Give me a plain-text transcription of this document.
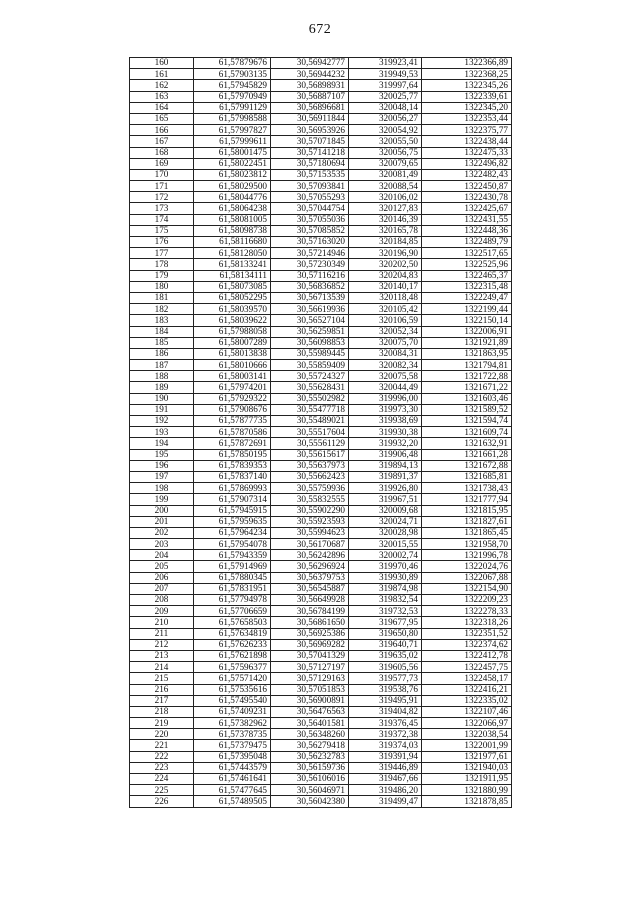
672
160	61,57879676	30,56942777	319923,41	1322366,89
161	61,57903135	30,56944232	319949,53	1322368,25
162	61,57945829	30,56898931	319997,64	1322345,26
163	61,57970949	30,56887107	320025,77	1322339,61
164	61,57991129	30,56896681	320048,14	1322345,20
165	61,57998588	30,56911844	320056,27	1322353,44
166	61,57997827	30,56953926	320054,92	1322375,77
167	61,57999611	30,57071845	320055,50	1322438,44
168	61,58001475	30,57141218	320056,75	1322475,33
169	61,58022451	30,57180694	320079,65	1322496,82
170	61,58023812	30,57153535	320081,49	1322482,43
171	61,58029500	30,57093841	320088,54	1322450,87
172	61,58044776	30,57055293	320106,02	1322430,78
173	61,58064238	30,57044754	320127,83	1322425,67
174	61,58081005	30,57055036	320146,39	1322431,55
175	61,58098738	30,57085852	320165,78	1322448,36
176	61,58116680	30,57163020	320184,85	1322489,79
177	61,58128050	30,57214946	320196,90	1322517,65
178	61,58133241	30,57230349	320202,50	1322525,96
179	61,58134111	30,57116216	320204,83	1322465,37
180	61,58073085	30,56836852	320140,17	1322315,48
181	61,58052295	30,56713539	320118,48	1322249,47
182	61,58039570	30,56619936	320105,42	1322199,44
183	61,58039622	30,56527104	320106,59	1322150,14
184	61,57988058	30,56259851	320052,34	1322006,91
185	61,58007289	30,56098853	320075,70	1321921,89
186	61,58013838	30,55989445	320084,31	1321863,95
187	61,58010666	30,55859409	320082,34	1321794,81
188	61,58003141	30,55724327	320075,58	1321722,88
189	61,57974201	30,55628431	320044,49	1321671,22
190	61,57929322	30,55502982	319996,00	1321603,46
191	61,57908676	30,55477718	319973,30	1321589,52
192	61,57877735	30,55489021	319938,69	1321594,74
193	61,57870586	30,55517604	319930,38	1321609,74
194	61,57872691	30,55561129	319932,20	1321632,91
195	61,57850195	30,55615617	319906,48	1321661,28
196	61,57839353	30,55637973	319894,13	1321672,88
197	61,57837140	30,55662423	319891,37	1321685,81
198	61,57869993	30,55759936	319926,80	1321738,43
199	61,57907314	30,55832555	319967,51	1321777,94
200	61,57945915	30,55902290	320009,68	1321815,95
201	61,57959635	30,55923593	320024,71	1321827,61
202	61,57964234	30,55994623	320028,98	1321865,45
203	61,57954078	30,56170687	320015,55	1321958,70
204	61,57943359	30,56242896	320002,74	1321996,78
205	61,57914969	30,56296924	319970,46	1322024,76
206	61,57880345	30,56379753	319930,89	1322067,88
207	61,57831951	30,56545887	319874,98	1322154,90
208	61,57794978	30,56649928	319832,54	1322209,23
209	61,57706659	30,56784199	319732,53	1322278,33
210	61,57658503	30,56861650	319677,95	1322318,26
211	61,57634819	30,56925386	319650,80	1322351,52
212	61,57626233	30,56969282	319640,71	1322374,62
213	61,57621898	30,57041329	319635,02	1322412,78
214	61,57596377	30,57127197	319605,56	1322457,75
215	61,57571420	30,57129163	319577,73	1322458,17
216	61,57535616	30,57051853	319538,76	1322416,21
217	61,57495540	30,56900891	319495,91	1322335,02
218	61,57409231	30,56476563	319404,82	1322107,46
219	61,57382962	30,56401581	319376,45	1322066,97
220	61,57378735	30,56348260	319372,38	1322038,54
221	61,57379475	30,56279418	319374,03	1322001,99
222	61,57395048	30,56232783	319391,94	1321977,61
223	61,57443579	30,56159736	319446,89	1321940,03
224	61,57461641	30,56106016	319467,66	1321911,95
225	61,57477645	30,56046971	319486,20	1321880,99
226	61,57489505	30,56042380	319499,47	1321878,85
